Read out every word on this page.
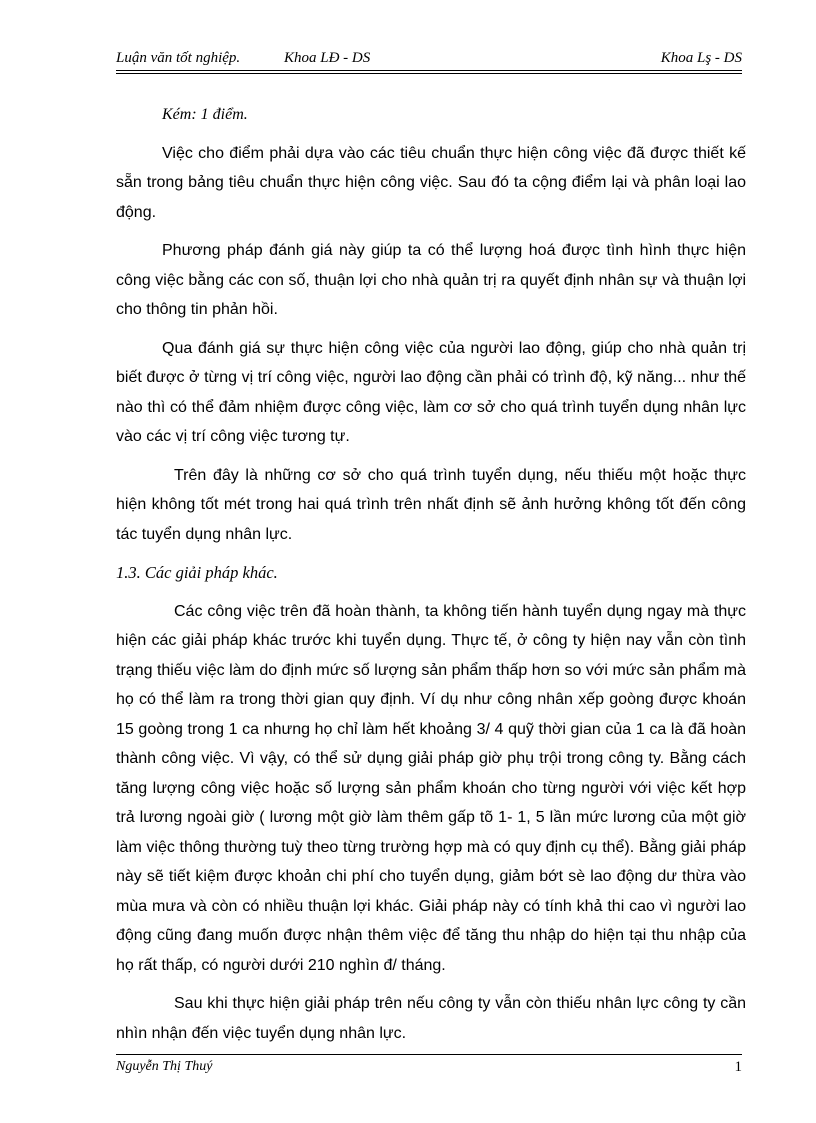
Luận văn tốt nghiệp.	Khoa LĐ - DS	Khoa Lş - DS
Kém: 1 điểm.

Việc cho điểm phải dựa vào các tiêu chuẩn thực hiện công việc đã được thiết kế sẵn trong bảng tiêu chuẩn thực hiện công việc. Sau đó ta cộng điểm lại và phân loại lao động.

Phương pháp đánh giá này giúp ta có thể lượng hoá được tình hình thực hiện công việc bằng các con số, thuận lợi cho nhà quản trị ra quyết định nhân sự và thuận lợi cho thông tin phản hồi.

Qua đánh giá sự thực hiện công việc của người lao động, giúp cho nhà quản trị biết được ở từng vị trí công việc, người lao động cần phải có trình độ, kỹ năng... như thế nào thì có thể đảm nhiệm được công việc, làm cơ sở cho quá trình tuyển dụng nhân lực vào các vị trí công việc tương tự.

Trên đây là những cơ sở cho quá trình tuyển dụng, nếu thiếu một hoặc thực hiện không tốt mét trong hai quá trình trên nhất định sẽ ảnh hưởng không tốt đến công tác tuyển dụng nhân lực.

1.3. Các giải pháp khác.

Các công việc trên đã hoàn thành, ta không tiến hành tuyển dụng ngay mà thực hiện các giải pháp khác trước khi tuyển dụng. Thực tế, ở công ty hiện nay vẫn còn tình trạng thiếu việc làm do định mức số lượng sản phẩm thấp hơn so với mức sản phẩm mà họ có thể làm ra trong thời gian quy định. Ví dụ như công nhân xếp goòng được khoán 15 goòng trong 1 ca nhưng họ chỉ làm hết khoảng 3/ 4 quỹ thời gian của 1 ca là đã hoàn thành công việc. Vì vậy, có thể sử dụng giải pháp giờ phụ trội trong công ty. Bằng cách tăng lượng công việc hoặc số lượng sản phẩm khoán cho từng người với việc kết hợp trả lương ngoài giờ ( lương một giờ làm thêm gấp tõ 1- 1, 5 lần mức lương của một giờ làm việc thông thường tuỳ theo từng trường hợp mà có quy định cụ thể). Bằng giải pháp này sẽ tiết kiệm được khoản chi phí cho tuyển dụng, giảm bớt sè lao động dư thừa vào mùa mưa và còn có nhiều thuận lợi khác. Giải pháp này có tính khả thi cao vì người lao động cũng đang muốn được nhận thêm việc để tăng thu nhập do hiện tại thu nhập của họ rất thấp, có người dưới 210 nghìn đ/ tháng.

Sau khi thực hiện giải pháp trên nếu công ty vẫn còn thiếu nhân lực công ty cần nhìn nhận đến việc tuyển dụng nhân lực.

Nguyễn Thị Thuý	1
